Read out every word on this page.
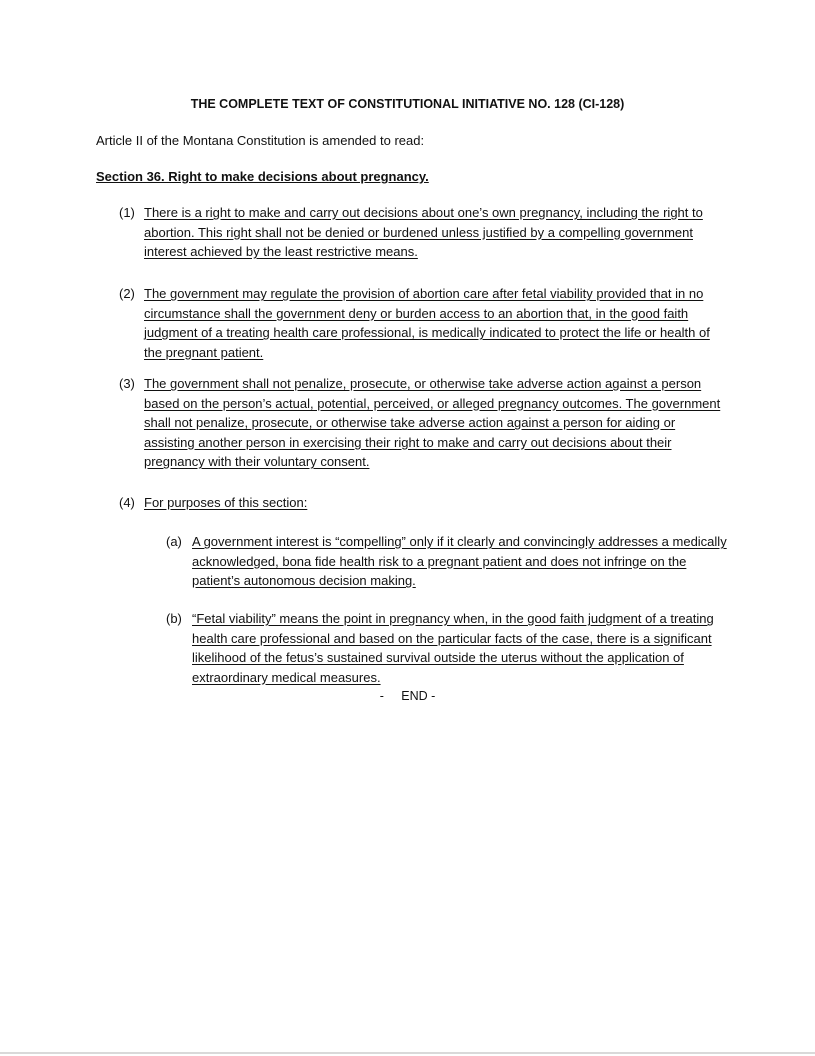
THE COMPLETE TEXT OF CONSTITUTIONAL INITIATIVE NO. 128 (CI-128)
Article II of the Montana Constitution is amended to read:
Section 36. Right to make decisions about pregnancy.
(1) There is a right to make and carry out decisions about one’s own pregnancy, including the right to abortion. This right shall not be denied or burdened unless justified by a compelling government interest achieved by the least restrictive means.
(2) The government may regulate the provision of abortion care after fetal viability provided that in no circumstance shall the government deny or burden access to an abortion that, in the good faith judgment of a treating health care professional, is medically indicated to protect the life or health of the pregnant patient.
(3) The government shall not penalize, prosecute, or otherwise take adverse action against a person based on the person’s actual, potential, perceived, or alleged pregnancy outcomes. The government shall not penalize, prosecute, or otherwise take adverse action against a person for aiding or assisting another person in exercising their right to make and carry out decisions about their pregnancy with their voluntary consent.
(4) For purposes of this section:
(a) A government interest is “compelling” only if it clearly and convincingly addresses a medically acknowledged, bona fide health risk to a pregnant patient and does not infringe on the patient’s autonomous decision making.
(b) “Fetal viability” means the point in pregnancy when, in the good faith judgment of a treating health care professional and based on the particular facts of the case, there is a significant likelihood of the fetus’s sustained survival outside the uterus without the application of extraordinary medical measures.
-     END -
